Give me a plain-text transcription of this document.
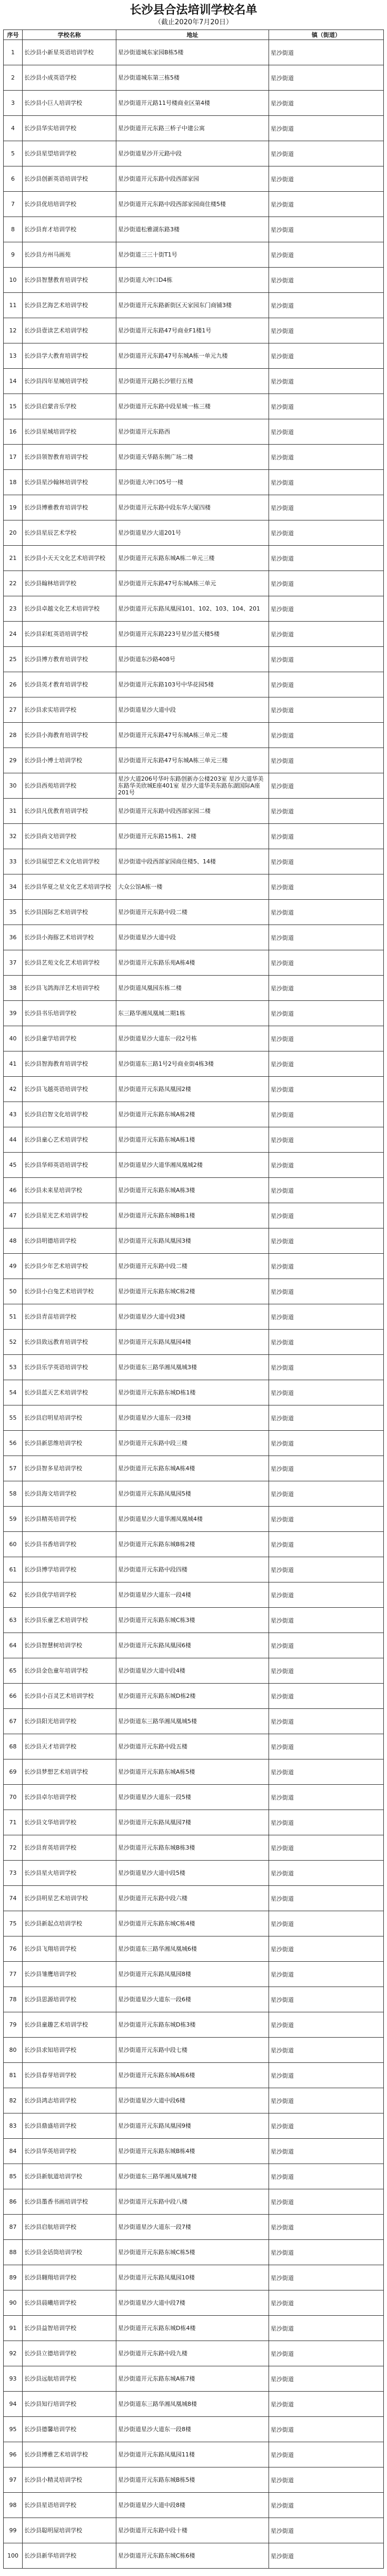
长沙县合法培训学校名单
（截止2020年7月20日）
序号	学校名称	地址	镇（街道）
1	长沙县小新星英语培训学校	星沙街道城东家园B栋5楼	星沙街道
2	长沙县小成英语学校	星沙街道城东第三栋5楼	星沙街道
3	长沙县小巨人培训学校	星沙街道开元路11号楼商业区第4楼	星沙街道
4	长沙县华实培训学校	星沙街道开元东路三桥子中建公寓	星沙街道
5	长沙县星望培训学校	星沙街道星沙开元路中段	星沙街道
6	长沙县创新英语培训学校	星沙街道开元东路中段西部家园	星沙街道
7	长沙县优培培训学校	星沙街道开元东路中段西部家园商住楼5楼	星沙街道
8	长沙县育才培训学校	星沙街道松雅湖东路3楼	星沙街道
9	长沙县方州马画苑	星沙街道三三十街T1号	星沙街道
10	长沙县智慧教育培训学校	星沙街道大冲口D4栋	星沙街道
11	长沙县艺海艺术培训学校	星沙街道开元东路新街区天家园东门商铺3楼	星沙街道
12	长沙县壹读艺术培训学校	星沙街道开元东路47号商业F1楼1号	星沙街道
13	长沙县学大教育培训学校	星沙街道开元东路47号东城A栋一单元九楼	星沙街道
14	长沙县四年星城培训学校	星沙街道开元路长沙银行五楼	星沙街道
15	长沙县启蒙音乐学校	星沙街道开元东路中段星城一栋三楼	星沙街道
16	长沙县星城培训学校	星沙街道开元东路西	星沙街道
17	长沙县领智教育培训学校	星沙街道天华路东侧广场二楼	星沙街道
18	长沙县星沙翰林培训学校	星沙街道大冲口05号一楼	星沙街道
19	长沙县博雅教育培训学校	星沙街道开元东路中段东华大厦四楼	星沙街道
20	长沙县星辰艺术学校	星沙街道星沙大道201号	星沙街道
21	长沙县小天天文化艺术培训学校	星沙街道开元东路东城A栋二单元三楼	星沙街道
22	长沙县翰林培训学校	星沙街道开元东路47号东城A栋三单元	星沙街道
23	长沙县卓越文化艺术培训学校	星沙街道开元东路凤凰园101、102、103、104、201	星沙街道
24	长沙县彩虹英语培训学校	星沙街道开元东路223号星沙蓝天楼5楼	星沙街道
25	长沙县博方教育培训学校	星沙街道东沙路408号	星沙街道
26	长沙县英才教育培训学校	星沙街道开元东路103号中华花园5楼	星沙街道
27	长沙县求实培训学校	星沙街道星沙大道中段	星沙街道
28	长沙县小海教育培训学校	星沙街道开元东路47号东城A栋三单元二楼	星沙街道
29	长沙县小博士培训学校	星沙街道开元东路47号东城A栋三单元三楼	星沙街道
30	长沙县西苑培训学校	星沙大道206号华叶东路创新办公楼203室 星沙大道华美东路华美欣城E座401室 星沙大道华美东路东湖国际A座201号	星沙街道
31	长沙县凡优教育培训学校	星沙街道开元东路中段西部家园二楼	星沙街道
32	长沙县尚文培训学校	星沙街道开元东路15栋1、2楼	星沙街道
33	长沙县展望艺术文化培训学校	星沙街道中段西部家园商住楼5、14楼	星沙街道
34	长沙县华夏之星文化艺术培训学校	大众公馆A栋一楼	星沙街道
35	长沙县国际艺术培训学校	星沙街道开元东路中段二楼	星沙街道
36	长沙县小海豚艺术培训学校	星沙街道星沙大道中段	星沙街道
37	长沙县艺苑文化艺术培训学校	星沙街道开元东路乐苑A栋4楼	星沙街道
38	长沙县飞鸽海洋艺术培训学校	星沙街道凤凰园东栋二楼	星沙街道
39	长沙县书乐培训学校	东三路华湘凤凰城二期1栋	星沙街道
40	长沙县童学培训学校	星沙街道星沙大道东一段2号栋	星沙街道
41	长沙县智海教育培训学校	星沙街道东三路1号2号商业街4栋3楼	星沙街道
42	长沙县飞越英语培训学校	星沙街道开元东路凤凰园2楼	星沙街道
43	长沙县启智文化培训学校	星沙街道开元东路东城A栋2楼	星沙街道
44	长沙县童心艺术培训学校	星沙街道开元东路东城A栋1楼	星沙街道
45	长沙县华师英语培训学校	星沙街道星沙大道华湘凤凰城2楼	星沙街道
46	长沙县未来星培训学校	星沙街道开元东路东城A栋3楼	星沙街道
47	长沙县星光艺术培训学校	星沙街道开元东路东城B栋1楼	星沙街道
48	长沙县明德培训学校	星沙街道开元东路凤凰园3楼	星沙街道
49	长沙县少年艺术培训学校	星沙街道开元东路中段二楼	星沙街道
50	长沙县小白兔艺术培训学校	星沙街道开元东路东城C栋2楼	星沙街道
51	长沙县青苗培训学校	星沙街道星沙大道中段3楼	星沙街道
52	长沙县致远教育培训学校	星沙街道开元东路凤凰园4楼	星沙街道
53	长沙县乐学英语培训学校	星沙街道东三路华湘凤凰城3楼	星沙街道
54	长沙县蓝天艺术培训学校	星沙街道开元东路东城D栋1楼	星沙街道
55	长沙县启明星培训学校	星沙街道星沙大道东一段3楼	星沙街道
56	长沙县新思维培训学校	星沙街道开元东路中段三楼	星沙街道
57	长沙县智多星培训学校	星沙街道开元东路东城A栋4楼	星沙街道
58	长沙县海文培训学校	星沙街道开元东路凤凰园5楼	星沙街道
59	长沙县精英培训学校	星沙街道星沙大道华湘凤凰城4楼	星沙街道
60	长沙县书香培训学校	星沙街道开元东路东城B栋2楼	星沙街道
61	长沙县博学培训学校	星沙街道开元东路中段四楼	星沙街道
62	长沙县优学培训学校	星沙街道星沙大道东一段4楼	星沙街道
63	长沙县乐童艺术培训学校	星沙街道开元东路东城C栋3楼	星沙街道
64	长沙县智慧树培训学校	星沙街道开元东路凤凰园6楼	星沙街道
65	长沙县金色童年培训学校	星沙街道星沙大道中段4楼	星沙街道
66	长沙县小百灵艺术培训学校	星沙街道开元东路东城D栋2楼	星沙街道
67	长沙县阳光培训学校	星沙街道东三路华湘凤凰城5楼	星沙街道
68	长沙县天才培训学校	星沙街道开元东路中段五楼	星沙街道
69	长沙县梦想艺术培训学校	星沙街道开元东路东城A栋5楼	星沙街道
70	长沙县卓尔培训学校	星沙街道星沙大道东一段5楼	星沙街道
71	长沙县文华培训学校	星沙街道开元东路凤凰园7楼	星沙街道
72	长沙县育英培训学校	星沙街道开元东路东城B栋3楼	星沙街道
73	长沙县星火培训学校	星沙街道星沙大道中段5楼	星沙街道
74	长沙县明星艺术培训学校	星沙街道开元东路中段六楼	星沙街道
75	长沙县新起点培训学校	星沙街道开元东路东城C栋4楼	星沙街道
76	长沙县飞翔培训学校	星沙街道东三路华湘凤凰城6楼	星沙街道
77	长沙县雏鹰培训学校	星沙街道开元东路凤凰园8楼	星沙街道
78	长沙县思源培训学校	星沙街道星沙大道东一段6楼	星沙街道
79	长沙县童趣艺术培训学校	星沙街道开元东路东城D栋3楼	星沙街道
80	长沙县求知培训学校	星沙街道开元东路中段七楼	星沙街道
81	长沙县春芽培训学校	星沙街道开元东路东城A栋6楼	星沙街道
82	长沙县鸿志培训学校	星沙街道星沙大道中段6楼	星沙街道
83	长沙县鼎盛培训学校	星沙街道开元东路凤凰园9楼	星沙街道
84	长沙县华英培训学校	星沙街道开元东路东城B栋4楼	星沙街道
85	长沙县新航道培训学校	星沙街道东三路华湘凤凰城7楼	星沙街道
86	长沙县墨香书画培训学校	星沙街道开元东路中段八楼	星沙街道
87	长沙县启航培训学校	星沙街道星沙大道东一段7楼	星沙街道
88	长沙县金话筒培训学校	星沙街道开元东路东城C栋5楼	星沙街道
89	长沙县翱翔培训学校	星沙街道开元东路凤凰园10楼	星沙街道
90	长沙县晨曦培训学校	星沙街道星沙大道中段7楼	星沙街道
91	长沙县益智培训学校	星沙街道开元东路东城D栋4楼	星沙街道
92	长沙县立德培训学校	星沙街道开元东路中段九楼	星沙街道
93	长沙县远航培训学校	星沙街道开元东路东城A栋7楼	星沙街道
94	长沙县知行培训学校	星沙街道东三路华湘凤凰城8楼	星沙街道
95	长沙县德馨培训学校	星沙街道星沙大道东一段8楼	星沙街道
96	长沙县博雅艺术培训学校	星沙街道开元东路凤凰园11楼	星沙街道
97	长沙县小精灵培训学校	星沙街道开元东路东城B栋5楼	星沙街道
98	长沙县星语培训学校	星沙街道星沙大道中段8楼	星沙街道
99	长沙县聪明屋培训学校	星沙街道开元东路中段十楼	星沙街道
100	长沙县新华培训学校	星沙街道开元东路东城C栋6楼	星沙街道
